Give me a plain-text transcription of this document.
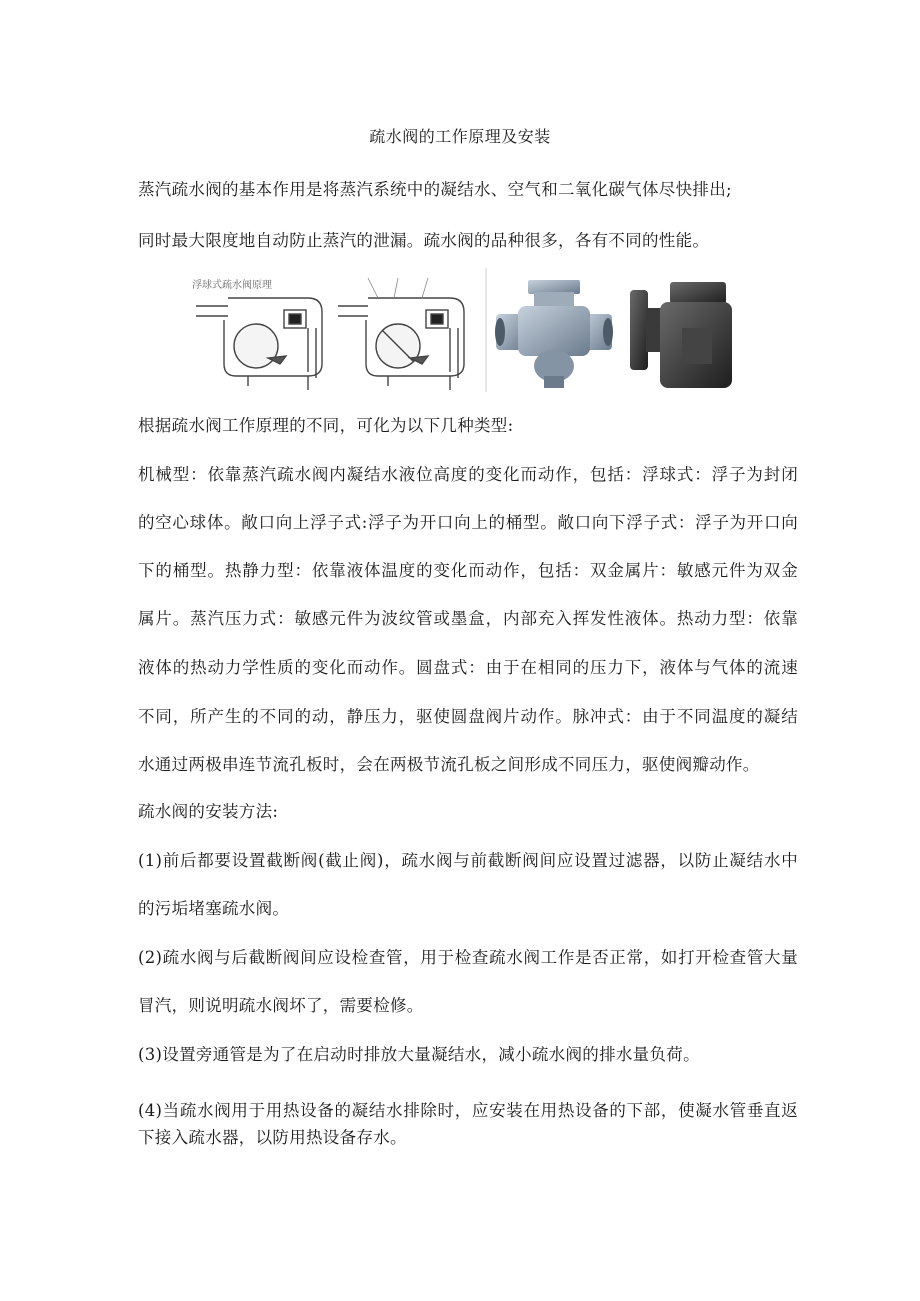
疏水阀的工作原理及安装
蒸汽疏水阀的基本作用是将蒸汽系统中的凝结水、空气和二氧化碳气体尽快排出;
同时最大限度地自动防止蒸汽的泄漏。疏水阀的品种很多，各有不同的性能。
浮球式疏水阀原理
根据疏水阀工作原理的不同，可化为以下几种类型:
机械型：依靠蒸汽疏水阀内凝结水液位高度的变化而动作，包括：浮球式：浮子为封闭
的空心球体。敞口向上浮子式:浮子为开口向上的桶型。敞口向下浮子式：浮子为开口向
下的桶型。热静力型：依靠液体温度的变化而动作，包括：双金属片：敏感元件为双金
属片。蒸汽压力式：敏感元件为波纹管或墨盒，内部充入挥发性液体。热动力型：依靠
液体的热动力学性质的变化而动作。圆盘式：由于在相同的压力下，液体与气体的流速
不同，所产生的不同的动，静压力，驱使圆盘阀片动作。脉冲式：由于不同温度的凝结
水通过两极串连节流孔板时，会在两极节流孔板之间形成不同压力，驱使阀瓣动作。
疏水阀的安装方法:
(1)前后都要设置截断阀(截止阀)，疏水阀与前截断阀间应设置过滤器，以防止凝结水中
的污垢堵塞疏水阀。
(2)疏水阀与后截断阀间应设检查管，用于检查疏水阀工作是否正常，如打开检查管大量
冒汽，则说明疏水阀坏了，需要检修。
(3)设置旁通管是为了在启动时排放大量凝结水，减小疏水阀的排水量负荷。
(4)当疏水阀用于用热设备的凝结水排除时，应安装在用热设备的下部，使凝水管垂直返
下接入疏水器，以防用热设备存水。
